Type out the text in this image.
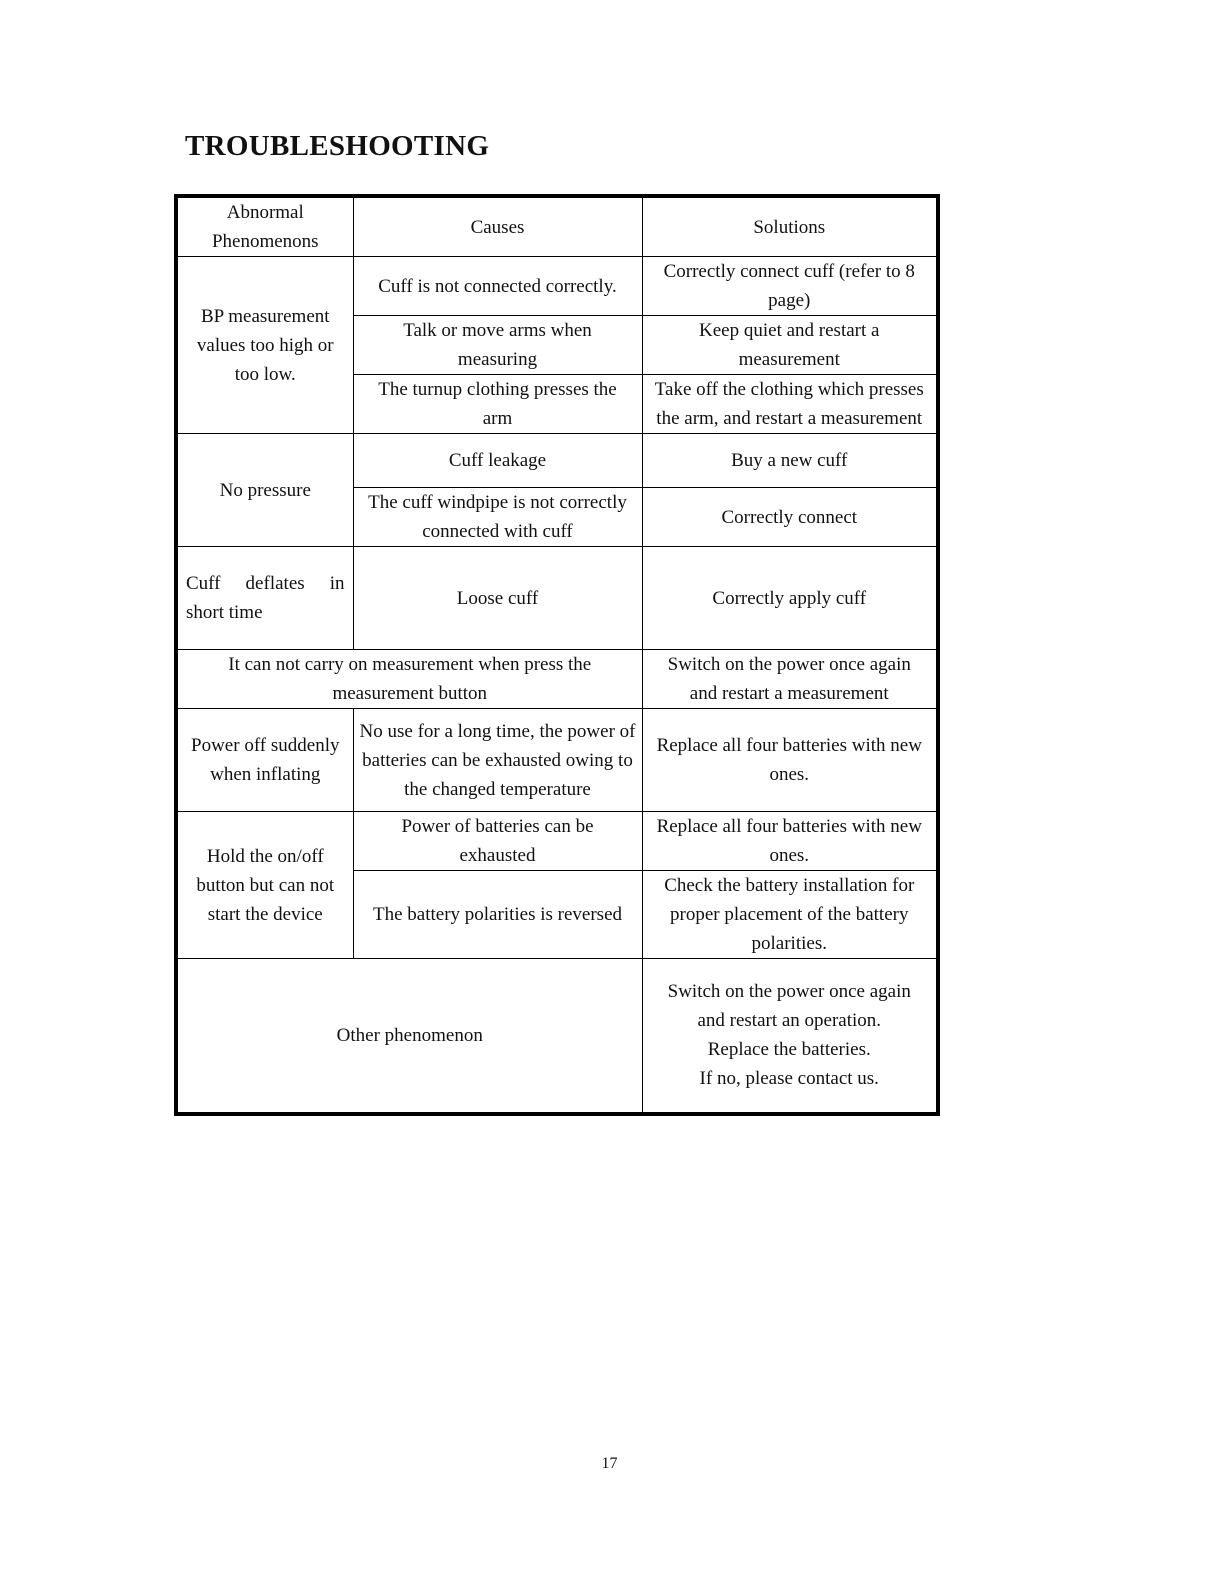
TROUBLESHOOTING
Abnormal Phenomenons	Causes	Solutions
BP measurement values too high or too low.	Cuff is not connected correctly.	Correctly connect cuff (refer to 8 page)
	Talk or move arms when measuring	Keep quiet and restart a measurement
	The turnup clothing presses the arm	Take off the clothing which presses the arm, and restart a measurement
No pressure	Cuff leakage	Buy a new cuff
	The cuff windpipe is not correctly connected with cuff	Correctly connect
Cuff deflates in short time	Loose cuff	Correctly apply cuff
It can not carry on measurement when press the measurement button		Switch on the power once again and restart a measurement
Power off suddenly when inflating	No use for a long time, the power of batteries can be exhausted owing to the changed temperature	Replace all four batteries with new ones.
Hold the on/off button but can not start the device	Power of batteries can be exhausted	Replace all four batteries with new ones.
	The battery polarities is reversed	Check the battery installation for proper placement of the battery polarities.
Other phenomenon		Switch on the power once again
and restart an operation.
Replace the batteries.
If no, please contact us.
17
